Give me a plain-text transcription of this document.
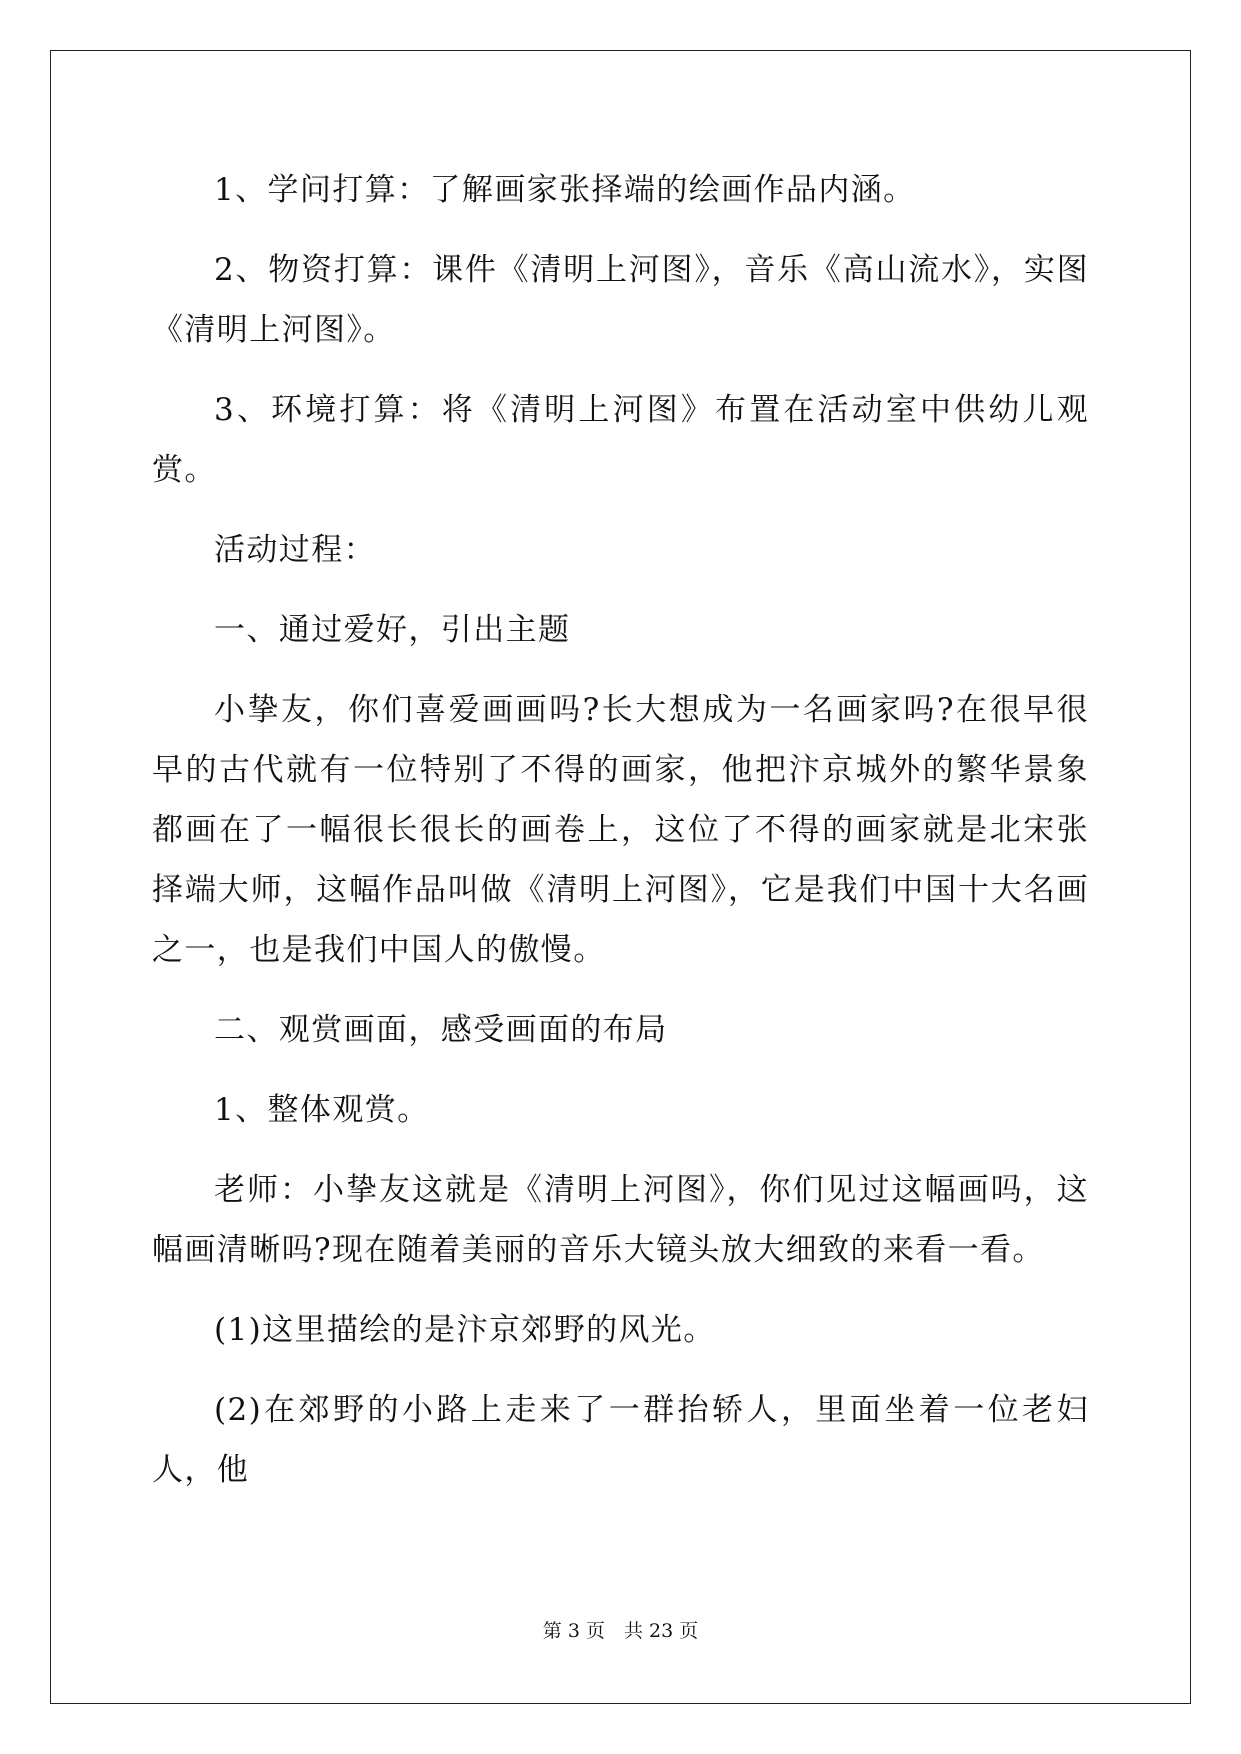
1、学问打算：了解画家张择端的绘画作品内涵。

2、物资打算：课件《清明上河图》，音乐《高山流水》，实图《清明上河图》。

3、环境打算：将《清明上河图》布置在活动室中供幼儿观赏。

活动过程：

一、通过爱好，引出主题

小挚友，你们喜爱画画吗?长大想成为一名画家吗?在很早很早的古代就有一位特别了不得的画家，他把汴京城外的繁华景象都画在了一幅很长很长的画卷上，这位了不得的画家就是北宋张择端大师，这幅作品叫做《清明上河图》，它是我们中国十大名画之一，也是我们中国人的傲慢。

二、观赏画面，感受画面的布局

1、整体观赏。

老师：小挚友这就是《清明上河图》，你们见过这幅画吗，这幅画清晰吗?现在随着美丽的音乐大镜头放大细致的来看一看。

(1)这里描绘的是汴京郊野的风光。

(2)在郊野的小路上走来了一群抬轿人，里面坐着一位老妇人，他

第 3 页　共 23 页
